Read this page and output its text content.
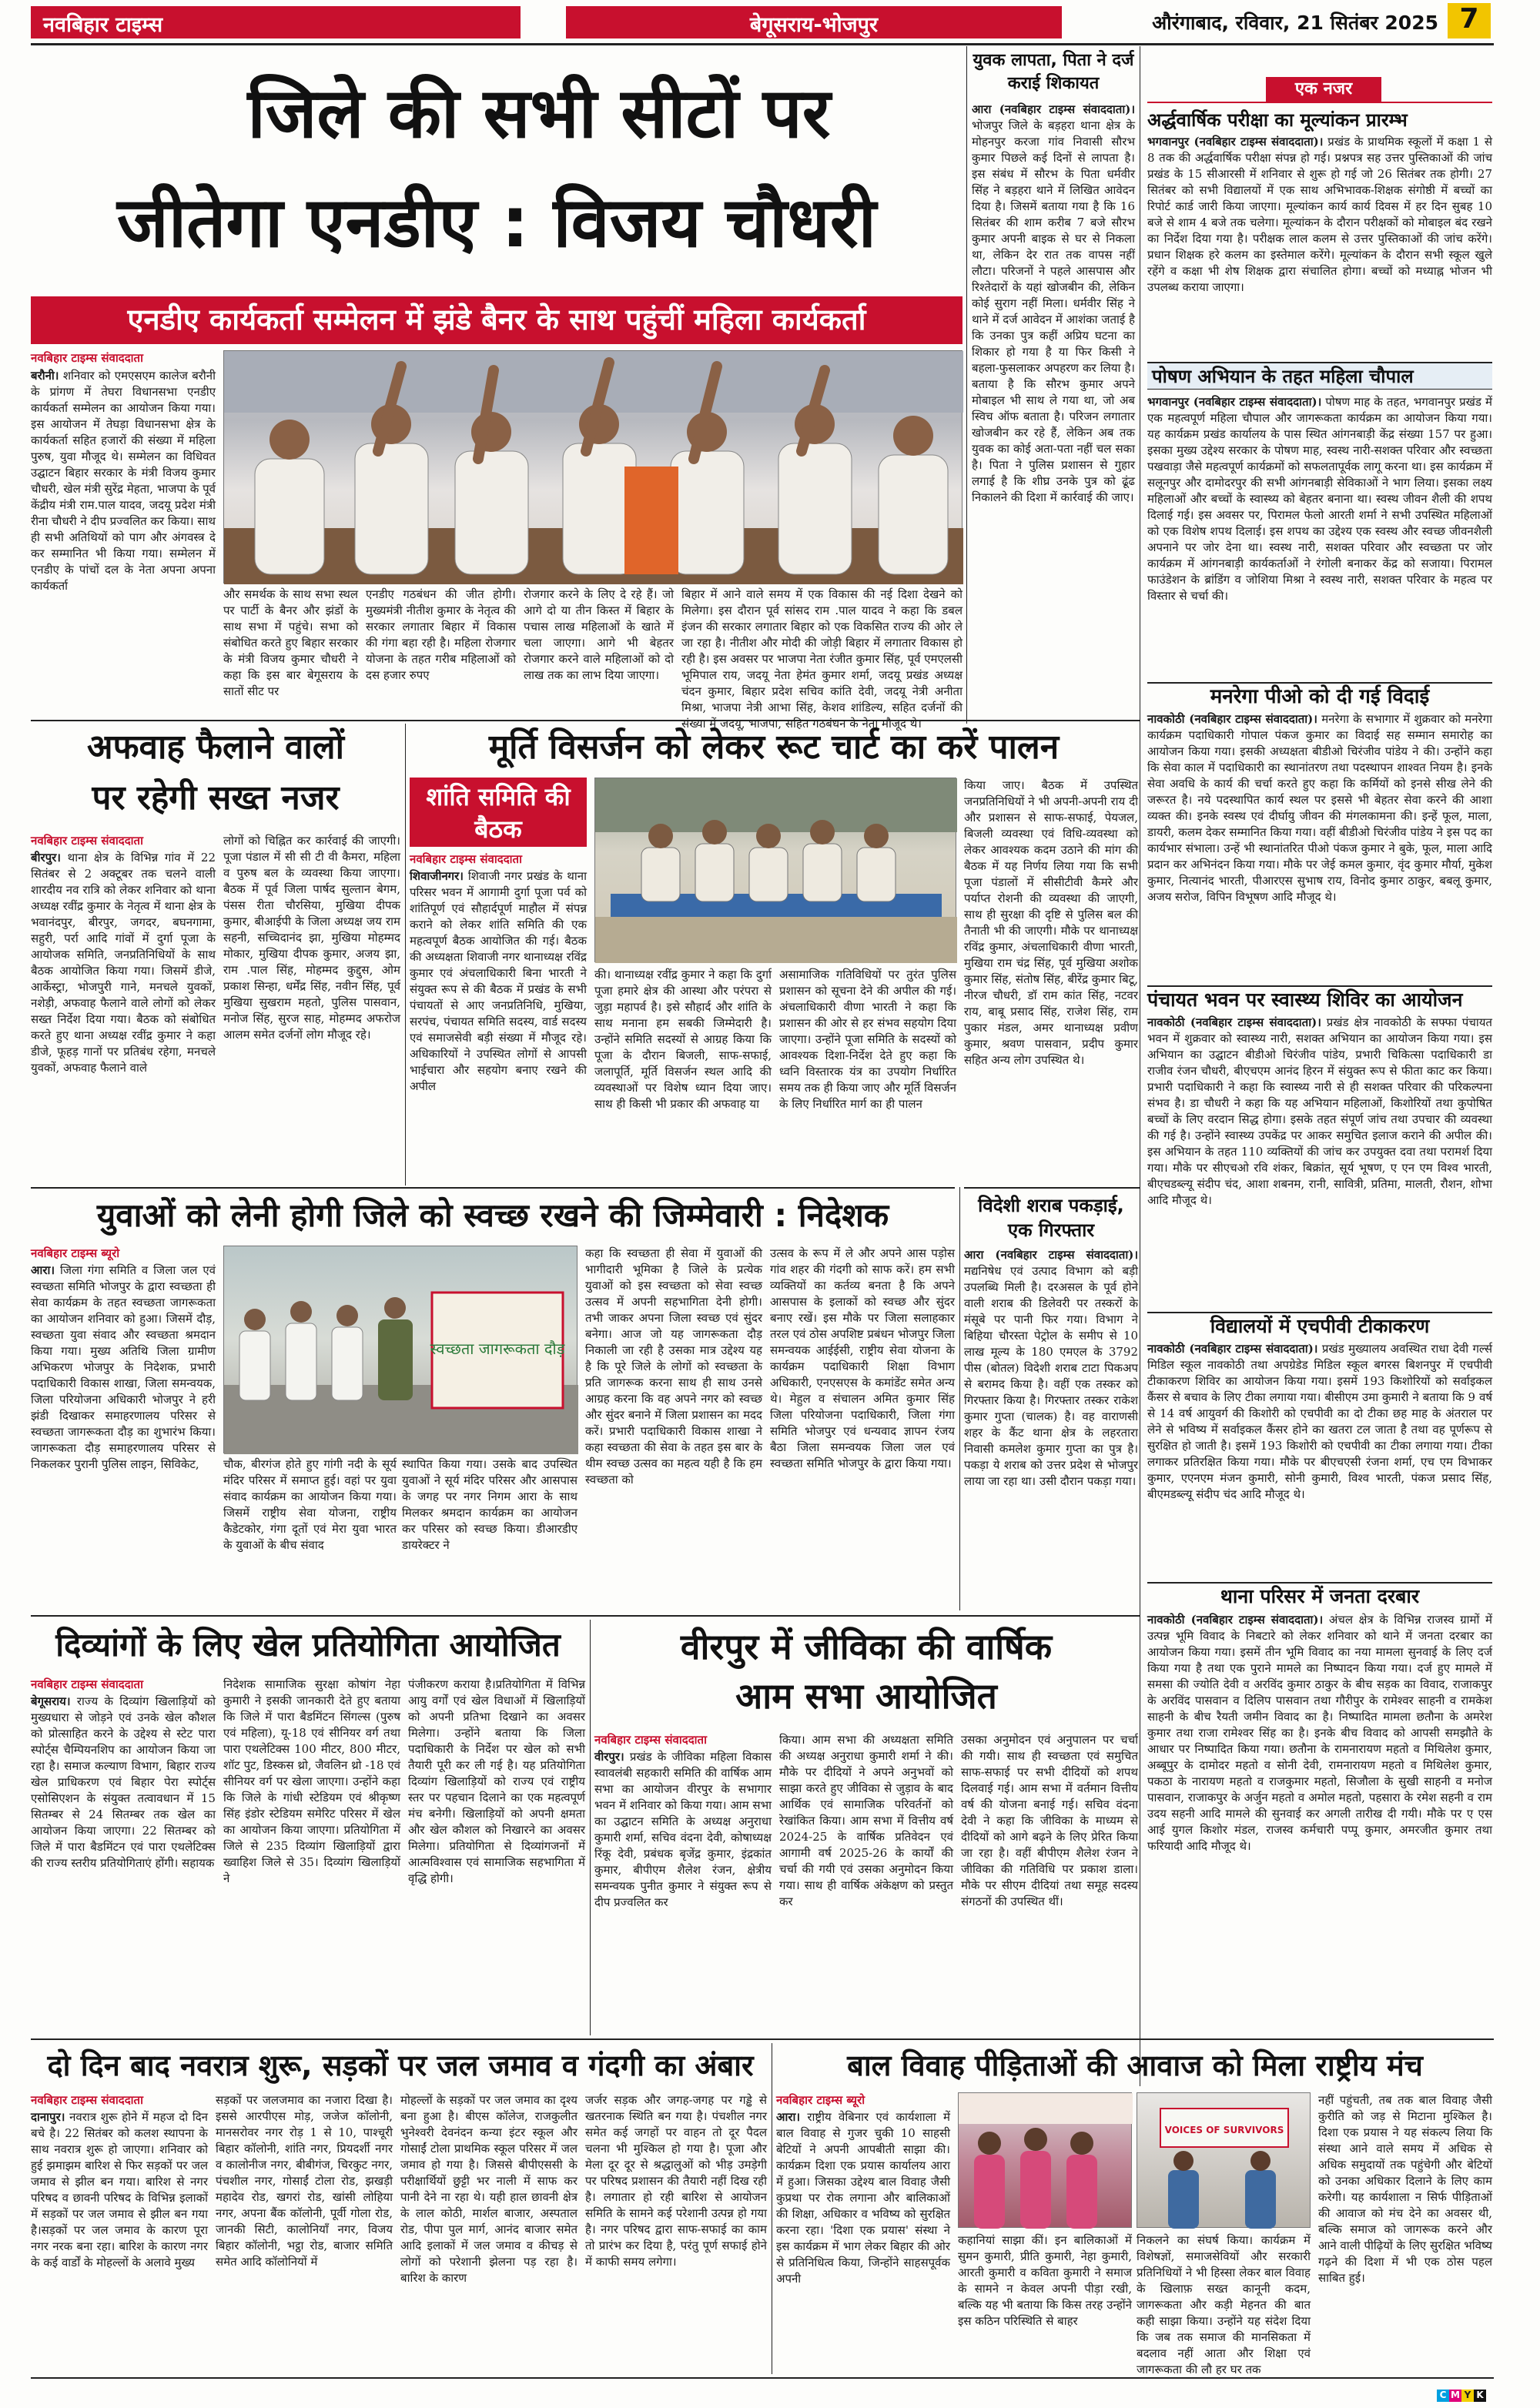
नवबिहार टाइम्स	बेगूसराय-भोजपुर	औरंगाबाद, रविवार, 21 सितंबर 2025 7
जिले की सभी सीटों पर
जीतेगा एनडीए : विजय चौधरी
एनडीए कार्यकर्ता सम्मेलन में झंडे बैनर के साथ पहुंचीं महिला कार्यकर्ता
नवबिहार टाइम्स संवाददाता
बरौनी। शनिवार को एमएसएम कालेज बरौनी के प्रांगण में तेघरा विधानसभा एनडीए कार्यकर्ता सम्मेलन का आयोजन किया गया। इस आयोजन में तेघड़ा विधानसभा क्षेत्र के कार्यकर्ता सहित हजारों की संख्या में महिला पुरुष, युवा मौजूद थे। सम्मेलन का विधिवत उद्घाटन बिहार सरकार के मंत्री विजय कुमार चौधरी, खेल मंत्री सुरेंद्र मेहता, भाजपा के पूर्व केंद्रीय मंत्री राम.पाल यादव, जदयू प्रदेश मंत्री रीना चौधरी ने दीप प्रज्वलित कर किया। साथ ही सभी अतिथियों को पाग और अंगवस्त्र दे कर सम्मानित भी किया गया। सम्मेलन में एनडीए के पांचों दल के नेता अपना अपना कार्यकर्ता
और समर्थक के साथ सभा स्थल पर पार्टी के बैनर और झंडों के साथ सभा में पहुंचे। सभा को संबोधित करते हुए बिहार सरकार के मंत्री विजय कुमार चौधरी ने कहा कि इस बार बेगूसराय के सातों सीट पर
एनडीए गठबंधन की जीत होगी। मुख्यमंत्री नीतीश कुमार के नेतृत्व की सरकार लगातार बिहार में विकास की गंगा बहा रही है। महिला रोजगार योजना के तहत गरीब महिलाओं को दस हजार रुपए
रोजगार करने के लिए दे रहे हैं। जो आगे दो या तीन किस्त में बिहार के पचास लाख महिलाओं के खाते में चला जाएगा। आगे भी बेहतर रोजगार करने वाले महिलाओं को दो लाख तक का लाभ दिया जाएगा।
युवक लापता, पिता ने दर्ज कराई शिकायत
आरा (नवबिहार टाइम्स संवाददाता)। भोजपुर जिले के बड़हरा थाना क्षेत्र के मोहनपुर करजा गांव निवासी सौरभ कुमार पिछले कई दिनों से लापता है। इस संबंध में सौरभ के पिता धर्मवीर सिंह ने बड़हरा थाने में लिखित आवेदन दिया है। जिसमें बताया गया है कि 16 सितंबर की शाम करीब 7 बजे सौरभ कुमार अपनी बाइक से घर से निकला था, लेकिन देर रात तक वापस नहीं लौटा। परिजनों ने पहले आसपास और रिश्तेदारों के यहां खोजबीन की, लेकिन कोई सुराग नहीं मिला। धर्मवीर सिंह ने थाने में दर्ज आवेदन में आशंका जताई है कि उनका पुत्र कहीं अप्रिय घटना का शिकार हो गया है या फिर किसी ने बहला-फुसलाकर अपहरण कर लिया है। बताया है कि सौरभ कुमार अपने मोबाइल भी साथ ले गया था, जो अब स्विच ऑफ बताता है। परिजन लगातार खोजबीन कर रहे हैं, लेकिन अब तक युवक का कोई अता-पता नहीं चल सका है। पिता ने पुलिस प्रशासन से गुहार लगाई है कि शीघ्र उनके पुत्र को ढूंढ निकालने की दिशा में कार्रवाई की जाए।
एक नजर
अर्द्धवार्षिक परीक्षा का मूल्यांकन प्रारम्भ
भगवानपुर (नवबिहार टाइम्स संवाददाता)। प्रखंड के प्राथमिक स्कूलों में कक्षा 1 से 8 तक की अर्द्धवार्षिक परीक्षा संपन्न हो गई। प्रश्नपत्र सह उत्तर पुस्तिकाओं की जांच प्रखंड के 15 सीआरसी में शनिवार से शुरू हो गई जो 26 सितंबर तक होगी। 27 सितंबर को सभी विद्यालयों में एक साथ अभिभावक-शिक्षक संगोष्ठी में बच्चों का रिपोर्ट कार्ड जारी किया जाएगा। मूल्यांकन कार्य कार्य दिवस में हर दिन सुबह 10 बजे से शाम 4 बजे तक चलेगा। मूल्यांकन के दौरान परीक्षकों को मोबाइल बंद रखने का निर्देश दिया गया है। परीक्षक लाल कलम से उत्तर पुस्तिकाओं की जांच करेंगे। प्रधान शिक्षक हरे कलम का इस्तेमाल करेंगे। मूल्यांकन के दौरान सभी स्कूल खुले रहेंगे व कक्षा भी शेष शिक्षक द्वारा संचालित होगा। बच्चों को मध्याह्न भोजन भी उपलब्ध कराया जाएगा।
पोषण अभियान के तहत महिला चौपाल
भगवानपुर (नवबिहार टाइम्स संवाददाता)। पोषण माह के तहत, भगवानपुर प्रखंड में एक महत्वपूर्ण महिला चौपाल और जागरूकता कार्यक्रम का आयोजन किया गया। यह कार्यक्रम प्रखंड कार्यालय के पास स्थित आंगनबाड़ी केंद्र संख्या 157 पर हुआ। इसका मुख्य उद्देश्य सरकार के पोषण माह, स्वस्थ नारी-सशक्त परिवार और स्वच्छता पखवाड़ा जैसे महत्वपूर्ण कार्यक्रमों को सफलतापूर्वक लागू करना था। इस कार्यक्रम में सलूनपुर और दामोदरपुर की सभी आंगनबाड़ी सेविकाओं ने भाग लिया। इसका लक्ष्य महिलाओं और बच्चों के स्वास्थ्य को बेहतर बनाना था। स्वस्थ जीवन शैली की शपथ दिलाई गई। इस अवसर पर, पिरामल फेलो आरती शर्मा ने सभी उपस्थित महिलाओं को एक विशेष शपथ दिलाई। इस शपथ का उद्देश्य एक स्वस्थ और स्वच्छ जीवनशैली अपनाने पर जोर देना था। स्वस्थ नारी, सशक्त परिवार और स्वच्छता पर जोर कार्यक्रम में आंगनबाड़ी कार्यकर्ताओं ने रंगोली बनाकर केंद्र को सजाया। पिरामल फाउंडेशन के ब्रांडिंग व जोशिया मिश्रा ने स्वस्थ नारी, सशक्त परिवार के महत्व पर विस्तार से चर्चा की।
मनरेगा पीओ को दी गई विदाई
नावकोठी (नवबिहार टाइम्स संवाददाता)। मनरेगा के सभागार में शुक्रवार को मनरेगा कार्यक्रम पदाधिकारी गोपाल पंकज कुमार का विदाई सह सम्मान समारोह का आयोजन किया गया। इसकी अध्यक्षता बीडीओ चिरंजीव पांडेय ने की। उन्होंने कहा कि सेवा काल में पदाधिकारी का स्थानांतरण तथा पदस्थापन शाश्वत नियम है। इनके सेवा अवधि के कार्य की चर्चा करते हुए कहा कि कर्मियों को इनसे सीख लेने की जरूरत है। नये पदस्थापित कार्य स्थल पर इससे भी बेहतर सेवा करने की आशा व्यक्त की। इनके स्वस्थ एवं दीर्घायु जीवन की मंगलकामना की। इन्हें फूल, माला, डायरी, कलम देकर सम्मानित किया गया। वहीं बीडीओ चिरंजीव पांडेय ने इस पद का कार्यभार संभाला। उन्हें भी स्थानांतरित पीओ पंकज कुमार ने बुके, फूल, माला आदि प्रदान कर अभिनंदन किया गया। मौके पर जेई कमल कुमार, वृंद कुमार मौर्या, मुकेश कुमार, नित्यानंद भारती, पीआरएस सुभाष राय, विनोद कुमार ठाकुर, बबलू कुमार, अजय सरोज, विपिन विभूषण आदि मौजूद थे।
पंचायत भवन पर स्वास्थ्य शिविर का आयोजन
नावकोठी (नवबिहार टाइम्स संवाददाता)। प्रखंड क्षेत्र नावकोठी के सफ्फा पंचायत भवन में शुक्रवार को स्वास्थ्य नारी, सशक्त अभियान का आयोजन किया गया। इस अभियान का उद्घाटन बीडीओ चिरंजीव पांडेय, प्रभारी चिकित्सा पदाधिकारी डा राजीव रंजन चौधरी, बीएचएम आनंद हिरन में संयुक्त रूप से फीता काट कर किया। प्रभारी पदाधिकारी ने कहा कि स्वास्थ्य नारी से ही सशक्त परिवार की परिकल्पना संभव है। डा चौधरी ने कहा कि यह अभियान महिलाओं, किशोरियों तथा कुपोषित बच्चों के लिए वरदान सिद्ध होगा। इसके तहत संपूर्ण जांच तथा उपचार की व्यवस्था की गई है। उन्होंने स्वास्थ्य उपकेंद्र पर आकर समुचित इलाज कराने की अपील की। इस अभियान के तहत 110 व्यक्तियों की जांच कर उपयुक्त दवा तथा परामर्श दिया गया। मौके पर सीएचओ रवि शंकर, बिक्रांत, सूर्य भूषण, ए एन एम विश्व भारती, बीएचडब्ल्यू संदीप चंद, आशा शबनम, रानी, सावित्री, प्रतिमा, मालती, रौशन, शोभा आदि मौजूद थे।
विद्यालयों में एचपीवी टीकाकरण
नावकोठी (नवबिहार टाइम्स संवाददाता)। प्रखंड मुख्यालय अवस्थित राधा देवी गर्ल्स मिडिल स्कूल नावकोठी तथा अपग्रेडेड मिडिल स्कूल बगरस बिशनपुर में एचपीवी टीकाकरण शिविर का आयोजन किया गया। इसमें 193 किशोरियों को सर्वाइकल कैंसर से बचाव के लिए टीका लगाया गया। बीसीएम उमा कुमारी ने बताया कि 9 वर्ष से 14 वर्ष आयुवर्ग की किशोरी को एचपीवी का दो टीका छह माह के अंतराल पर लेने से भविष्य में सर्वाइकल कैंसर होने का खतरा टल जाता है तथा वह पूर्णरूप से सुरक्षित हो जाती है। इसमें 193 किशोरी को एचपीवी का टीका लगाया गया। टीका लगाकर प्रतिरक्षित किया गया। मौके पर बीएचएसी रंजना शर्मा, एच एम विभाकर कुमार, एएनएम मंजन कुमारी, सोनी कुमारी, विश्व भारती, पंकज प्रसाद सिंह, बीएमडब्ल्यू संदीप चंद आदि मौजूद थे।
थाना परिसर में जनता दरबार
नावकोठी (नवबिहार टाइम्स संवाददाता)। अंचल क्षेत्र के विभिन्न राजस्व ग्रामों में उत्पन्न भूमि विवाद के निबटारे को लेकर शनिवार को थाने में जनता दरबार का आयोजन किया गया। इसमें तीन भूमि विवाद का नया मामला सुनवाई के लिए दर्ज किया गया है तथा एक पुराने मामले का निष्पादन किया गया। दर्ज हुए मामले में समसा की ज्योति देवी व अरविंद कुमार ठाकुर के बीच सड़क का विवाद, राजाकपुर के अरविंद पासवान व दिलिप पासवान तथा गौरीपुर के रामेश्वर साहनी व रामकेश साहनी के बीच रैयती जमीन विवाद का है। निष्पादित मामला छतौना के अमरेश कुमार तथा राजा रामेश्वर सिंह का है। इनके बीच विवाद को आपसी समझौते के आधार पर निष्पादित किया गया। छतौना के रामनारायण महतो व मिथिलेश कुमार, अब्बूपुर के दामोदर महतो व सोनी देवी, रामनारायण महतो व मिथिलेश कुमार, पकठा के नारायण महतो व राजकुमार महतो, सिजौला के सुखी साहनी व मनोज पासवान, राजाकपुर के अर्जुन महतो व अमोल महतो, पहसारा के रमेश सहनी व राम उदय सहनी आदि मामले की सुनवाई कर अगली तारीख दी गयी। मौके पर ए एस आई युगल किशोर मंडल, राजस्व कर्मचारी पप्पू कुमार, अमरजीत कुमार तथा फरियादी आदि मौजूद थे।
अफवाह फैलाने वालों
पर रहेगी सख्त नजर
नवबिहार टाइम्स संवाददाता
बीरपुर। थाना क्षेत्र के विभिन्न गांव में 22 सितंबर से 2 अक्टूबर तक चलने वाली शारदीय नव रात्रि को लेकर शनिवार को थाना अध्यक्ष रवींद्र कुमार के नेतृत्व में थाना क्षेत्र के भवानंदपुर, बीरपुर, जगदर, बघनगामा, सहुरी, पर्रा आदि गांवों में दुर्गा पूजा के आयोजक समिति, जनप्रतिनिधियों के साथ बैठक आयोजित किया गया। जिसमें डीजे, आर्केस्ट्रा, भोजपुरी गाने, मनचले युवकों, नशेड़ी, अफवाह फैलाने वाले लोगों को लेकर सख्त निर्देश दिया गया। बैठक को संबोधित करते हुए थाना अध्यक्ष रवींद्र कुमार ने कहा डीजे, फूहड़ गानों पर प्रतिबंध रहेगा, मनचले युवकों, अफवाह फैलाने वाले
लोगों को चिह्नित कर कार्रवाई की जाएगी। पूजा पंडाल में सी सी टी वी कैमरा, महिला व पुरुष बल के व्यवस्था किया जाएगा। बैठक में पूर्व जिला पार्षद सुल्तान बेगम, पंसस रीता चौरसिया, मुखिया दीपक कुमार, बीआईपी के जिला अध्यक्ष जय राम सहनी, सच्चिदानंद झा, मुखिया मोहम्मद मोकार, मुखिया दीपक कुमार, अजय झा, राम .पाल सिंह, मोहम्मद कुद्दुस, ओम प्रकाश सिन्हा, धर्मेंद्र सिंह, नवीन सिंह, पूर्व मुखिया सुखराम महतो, पुलिस पासवान, मनोज सिंह, सुरज साह, मोहम्मद अफरोज आलम समेत दर्जनों लोग मौजूद रहे।
मूर्ति विसर्जन को लेकर रूट चार्ट का करें पालन
शांति समिति की बैठक
नवबिहार टाइम्स संवाददाता
शिवाजीनगर। शिवाजी नगर प्रखंड के थाना परिसर भवन में आगामी दुर्गा पूजा पर्व को शांतिपूर्ण एवं सौहार्दपूर्ण माहौल में संपन्न कराने को लेकर शांति समिति की एक महत्वपूर्ण बैठक आयोजित की गई। बैठक की अध्यक्षता शिवाजी नगर थानाध्यक्ष रविंद्र कुमार एवं अंचलाधिकारी बिना भारती ने संयुक्त रूप से की बैठक में प्रखंड के सभी पंचायतों से आए जनप्रतिनिधि, मुखिया, सरपंच, पंचायत समिति सदस्य, वार्ड सदस्य एवं समाजसेवी बड़ी संख्या में मौजूद रहे। अधिकारियों ने उपस्थित लोगों से आपसी भाईचारा और सहयोग बनाए रखने की अपील
की। थानाध्यक्ष रवींद्र कुमार ने कहा कि दुर्गा पूजा हमारे क्षेत्र की आस्था और परंपरा से जुड़ा महापर्व है। इसे सौहार्द और शांति के साथ मनाना हम सबकी जिम्मेदारी है। उन्होंने समिति सदस्यों से आग्रह किया कि पूजा के दौरान बिजली, साफ-सफाई, जलापूर्ति, मूर्ति विसर्जन स्थल आदि की व्यवस्थाओं पर विशेष ध्यान दिया जाए। साथ ही किसी भी प्रकार की अफवाह या
असामाजिक गतिविधियों पर तुरंत पुलिस प्रशासन को सूचना देने की अपील की गई। अंचलाधिकारी वीणा भारती ने कहा कि प्रशासन की ओर से हर संभव सहयोग दिया जाएगा। उन्होंने पूजा समिति के सदस्यों को आवश्यक दिशा-निर्देश देते हुए कहा कि ध्वनि विस्तारक यंत्र का उपयोग निर्धारित समय तक ही किया जाए और मूर्ति विसर्जन के लिए निर्धारित मार्ग का ही पालन
किया जाए। बैठक में उपस्थित जनप्रतिनिधियों ने भी अपनी-अपनी राय दी और प्रशासन से साफ-सफाई, पेयजल, बिजली व्यवस्था एवं विधि-व्यवस्था को लेकर आवश्यक कदम उठाने की मांग की बैठक में यह निर्णय लिया गया कि सभी पूजा पंडालों में सीसीटीवी कैमरे और पर्याप्त रोशनी की व्यवस्था की जाएगी, साथ ही सुरक्षा की दृष्टि से पुलिस बल की तैनाती भी की जाएगी। मौके पर थानाध्यक्ष रविंद्र कुमार, अंचलाधिकारी वीणा भारती, मुखिया राम चंद्र सिंह, पूर्व मुखिया अशोक कुमार सिंह, संतोष सिंह, बीरेंद्र कुमार बिटू, नीरज चौधरी, डॉ राम कांत सिंह, नटवर राय, बाबू प्रसाद सिंह, राजेश सिंह, राम पुकार मंडल, अमर थानाध्यक्ष प्रवीण कुमार, श्रवण पासवान, प्रदीप कुमार सहित अन्य लोग उपस्थित थे।
युवाओं को लेनी होगी जिले को स्वच्छ रखने की जिम्मेवारी : निदेशक
नवबिहार टाइम्स ब्यूरो
आरा। जिला गंगा समिति व जिला जल एवं स्वच्छता समिति भोजपुर के द्वारा स्वच्छता ही सेवा कार्यक्रम के तहत स्वच्छता जागरूकता का आयोजन शनिवार को हुआ। जिसमें दौड़, स्वच्छता युवा संवाद और स्वच्छता श्रमदान किया गया। मुख्य अतिथि जिला ग्रामीण अभिकरण भोजपुर के निदेशक, प्रभारी पदाधिकारी विकास शाखा, जिला समन्वयक, जिला परियोजना अधिकारी भोजपुर ने हरी झंडी दिखाकर समाहरणालय परिसर से स्वच्छता जागरूकता दौड़ का शुभारंभ किया। जागरूकता दौड़ समाहरणालय परिसर से निकलकर पुरानी पुलिस लाइन, सिविकेट,
स्वच्छता जागरूकता दौड़
चौक, बीरगंज होते हुए गांगी नदी के सूर्य मंदिर परिसर में समाप्त हुई। वहां पर युवा संवाद कार्यक्रम का आयोजन किया गया। जिसमें राष्ट्रीय सेवा योजना, राष्ट्रीय कैडेटकोर, गंगा दूतों एवं मेरा युवा भारत के युवाओं के बीच संवाद
स्थापित किया गया। उसके बाद उपस्थित युवाओं ने सूर्य मंदिर परिसर और आसपास के जगह पर नगर निगम आरा के साथ मिलकर श्रमदान कार्यक्रम का आयोजन कर परिसर को स्वच्छ किया। डीआरडीए डायरेक्टर ने
कहा कि स्वच्छता ही सेवा में युवाओं की भागीदारी भूमिका है जिले के प्रत्येक युवाओं को इस स्वच्छता को सेवा स्वच्छ उत्सव में अपनी सहभागिता देनी होगी। तभी जाकर अपना जिला स्वच्छ एवं सुंदर बनेगा। आज जो यह जागरूकता दौड़ निकाली जा रही है उसका मात्र उद्देश्य यह है कि पूरे जिले के लोगों को स्वच्छता के प्रति जागरूक करना साथ ही साथ उनसे आग्रह करना कि वह अपने नगर को स्वच्छ और सुंदर बनाने में जिला प्रशासन का मदद करें। प्रभारी पदाधिकारी विकास शाखा ने कहा स्वच्छता की सेवा के तहत इस बार के थीम स्वच्छ उत्सव का महत्व यही है कि हम स्वच्छता को
उत्सव के रूप में ले और अपने आस पड़ोस गांव शहर की गंदगी को साफ करें। हम सभी व्यक्तियों का कर्तव्य बनता है कि अपने आसपास के इलाकों को स्वच्छ और सुंदर बनाए रखें। इस मौके पर जिला सलाहकार तरल एवं ठोस अपशिष्ट प्रबंधन भोजपुर जिला समन्वयक आईईसी, राष्ट्रीय सेवा योजना के कार्यक्रम पदाधिकारी शिक्षा विभाग अधिकारी, एनएसएस के कमांडेंट समेत अन्य थे। मेहुल व संचालन अमित कुमार सिंह जिला परियोजना पदाधिकारी, जिला गंगा समिति भोजपुर एवं धन्यवाद ज्ञापन रंजय बैठा जिला समन्वयक जिला जल एवं स्वच्छता समिति भोजपुर के द्वारा किया गया।
विदेशी शराब पकड़ाई, एक गिरफ्तार
आरा (नवबिहार टाइम्स संवाददाता)। मद्यनिषेध एवं उत्पाद विभाग को बड़ी उपलब्धि मिली है। दरअसल के पूर्व होने वाली शराब की डिलेवरी पर तस्करों के मंसूबे पर पानी फिर गया। विभाग ने बिहिया चौरस्ता पेट्रोल के समीप से 10 लाख मूल्य के 180 एमएल के 3792 पीस (बोतल) विदेशी शराब टाटा पिकअप से बरामद किया है। वहीं एक तस्कर को गिरफ्तार किया है। गिरफ्तार तस्कर राकेश कुमार गुप्ता (चालक) है। वह वाराणसी शहर के कैंट थाना क्षेत्र के लहरतारा निवासी कमलेश कुमार गुप्ता का पुत्र है। पकड़ा ये शराब को उत्तर प्रदेश से भोजपुर लाया जा रहा था। उसी दौरान पकड़ा गया।
दिव्यांगों के लिए खेल प्रतियोगिता आयोजित
नवबिहार टाइम्स संवाददाता
बेगूसराय। राज्य के दिव्यांग खिलाड़ियों को मुख्यधारा से जोड़ने एवं उनके खेल कौशल को प्रोत्साहित करने के उद्देश्य से स्टेट पारा स्पोर्ट्स चैम्पियनशिप का आयोजन किया जा रहा है। समाज कल्याण विभाग, बिहार राज्य खेल प्राधिकरण एवं बिहार पेरा स्पोर्ट्स एसोसिएशन के संयुक्त तत्वावधान में 15 सितम्बर से 24 सितम्बर तक खेल का आयोजन किया जाएगा। 22 सितम्बर को जिले में पारा बैडमिंटन एवं पारा एथलेटिक्स की राज्य स्तरीय प्रतियोगिताएं होंगी। सहायक
निदेशक सामाजिक सुरक्षा कोषांग नेहा कुमारी ने इसकी जानकारी देते हुए बताया कि जिले में पारा बैडमिंटन सिंगल्स (पुरुष एवं महिला), यू-18 एवं सीनियर वर्ग तथा पारा एथलेटिक्स 100 मीटर, 800 मीटर, शॉट पुट, डिस्कस थ्रो, जैवलिन थ्रो -18 एवं सीनियर वर्ग पर खेला जाएगा। उन्होंने कहा कि जिले के गांधी स्टेडियम एवं श्रीकृष्ण सिंह इंडोर स्टेडियम समेरिट परिसर में खेल का आयोजन किया जाएगा। प्रतियोगिता में जिले से 235 दिव्यांग खिलाड़ियों द्वारा ख्वाहिश जिले से 35। दिव्यांग खिलाड़ियों ने
पंजीकरण कराया है।प्रतियोगिता में विभिन्न आयु वर्गों एवं खेल विधाओं में खिलाड़ियों को अपनी प्रतिभा दिखाने का अवसर मिलेगा। उन्होंने बताया कि जिला पदाधिकारी के निर्देश पर खेल को सभी तैयारी पूरी कर ली गई है। यह प्रतियोगिता दिव्यांग खिलाड़ियों को राज्य एवं राष्ट्रीय स्तर पर पहचान दिलाने का एक महत्वपूर्ण मंच बनेगी। खिलाड़ियों को अपनी क्षमता और खेल कौशल को निखारने का अवसर मिलेगा। प्रतियोगिता से दिव्यांगजनों में आत्मविश्वास एवं सामाजिक सहभागिता में वृद्धि होगी।
वीरपुर में जीविका की वार्षिक
आम सभा आयोजित
नवबिहार टाइम्स संवाददाता
वीरपुर। प्रखंड के जीविका महिला विकास स्वावलंबी सहकारी समिति की वार्षिक आम सभा का आयोजन वीरपुर के सभागार भवन में शनिवार को किया गया। आम सभा का उद्घाटन समिति के अध्यक्ष अनुराधा कुमारी शर्मा, सचिव वंदना देवी, कोषाध्यक्ष रिंकू देवी, प्रबंधक बृजेंद्र कुमार, इंद्रकांत कुमार, बीपीएम शैलेश रंजन, क्षेत्रीय समन्वयक पुनीत कुमार ने संयुक्त रूप से दीप प्रज्वलित कर
किया। आम सभा की अध्यक्षता समिति की अध्यक्ष अनुराधा कुमारी शर्मा ने की। मौके पर दीदियों ने अपने अनुभवों को साझा करते हुए जीविका से जुड़ाव के बाद आर्थिक एवं सामाजिक परिवर्तनों को रेखांकित किया। आम सभा में वित्तीय वर्ष 2024-25 के वार्षिक प्रतिवेदन एवं आगामी वर्ष 2025-26 के कार्यों की चर्चा की गयी एवं उसका अनुमोदन किया गया। साथ ही वार्षिक अंकेक्षण को प्रस्तुत कर
उसका अनुमोदन एवं अनुपालन पर चर्चा की गयी। साथ ही स्वच्छता एवं समुचित साफ-सफाई पर सभी दीदियों को शपथ दिलवाई गई। आम सभा में वर्तमान वित्तीय वर्ष की योजना बनाई गई। सचिव वंदना देवी ने कहा कि जीविका के माध्यम से दीदियों को आगे बढ़ने के लिए प्रेरित किया जा रहा है। वहीं बीपीएम शैलेश रंजन ने जीविका की गतिविधि पर प्रकाश डाला। मौके पर सीएम दीदियां तथा समूह सदस्य संगठनों की उपस्थित थीं।
दो दिन बाद नवरात्र शुरू, सड़कों पर जल जमाव व गंदगी का अंबार
नवबिहार टाइम्स संवाददाता
दानापुर। नवरात्र शुरू होने में महज दो दिन बचे है। 22 सितंबर को कलश स्थापना के साथ नवरात्र शुरू हो जाएगा। शनिवार को हुई झमाझम बारिश से फिर सड़कों पर जल जमाव से झील बन गया। बारिश से नगर परिषद व छावनी परिषद के विभिन्न इलाकों में सड़कों पर जल जमाव से झील बन गया है।सड़कों पर जल जमाव के कारण पूरा नगर नरक बना रहा। बारिश के कारण नगर के कई वार्डों के मोहल्लों के अलावे मुख्य
सड़कों पर जलजमाव का नजारा दिखा है। इससे आरपीएस मोड़, जजेज कॉलोनी, मानसरोवर नगर रोड़ 1 से 10, पाश्चूरी बिहार कॉलोनी, शांति नगर, प्रियदर्शी नगर व कालोनीज नगर, बीबीगंज, चिरकुट नगर, पंचशील नगर, गोसाईं टोला रोड, झखड़ी महादेव रोड, खगरां रोड, खांसी लोहिया नगर, अपना बैंक कॉलोनी, पूर्वी गोला रोड, जानकी सिटी, कालोनियाँ नगर, विजय बिहार कॉलोनी, भट्ठा रोड, बाजार समिति समेत आदि कॉलोनियों में
मोहल्लों के सड़कों पर जल जमाव का दृश्य बना हुआ है। बीएस कॉलेज, राजकुलीत भुनेश्वरी देवनंदन कन्या इंटर स्कूल और गोसाईं टोला प्राथमिक स्कूल परिसर में जल जमाव हो गया है। जिससे बीपीएससी के परीक्षार्थियों छुट्टी भर नाली में साफ कर पानी देने ना रहा थे। यही हाल छावनी क्षेत्र के लाल कोठी, मार्शल बाजार, अस्पताल रोड, पीपा पुल मार्ग, आनंद बाजार समेत आदि इलाकों में जल जमाव व कीचड़ से लोगों को परेशानी झेलना पड़ रहा है। बारिश के कारण
जर्जर सड़क और जगह-जगह पर गड्ढे से खतरनाक स्थिति बन गया है। पंचशील नगर समेत कई जगहों पर वाहन तो दूर पैदल चलना भी मुश्किल हो गया है। पूजा और मेला दूर दूर से श्रद्धालुओं को भीड़ उमड़ेगी पर परिषद प्रशासन की तैयारी नहीं दिख रही है। लगातार हो रही बारिश से आयोजन समिति के सामने कई परेशानी उत्पन्न हो गया है। नगर परिषद द्वारा साफ-सफाई का काम तो प्रारंभ कर दिया है, परंतु पूर्ण सफाई होने में काफी समय लगेगा।
बाल विवाह पीड़िताओं की आवाज को मिला राष्ट्रीय मंच
नवबिहार टाइम्स ब्यूरो
आरा। राष्ट्रीय वेबिनार एवं कार्यशाला में बाल विवाह से गुजर चुकी 10 साहसी बेटियों ने अपनी आपबीती साझा की। कार्यक्रम दिशा एक प्रयास कार्यालय आरा में हुआ। जिसका उद्देश्य बाल विवाह जैसी कुप्रथा पर रोक लगाना और बालिकाओं की शिक्षा, अधिकार व भविष्य को सुरक्षित करना रहा। 'दिशा एक प्रयास' संस्था ने इस कार्यक्रम में भाग लेकर बिहार की ओर से प्रतिनिधित्व किया, जिन्होंने साहसपूर्वक अपनी
VOICES OF SURVIVORS
कहानियां साझा कीं। इन बालिकाओं में सुमन कुमारी, प्रीति कुमारी, नेहा कुमारी, आरती कुमारी व कविता कुमारी ने समाज के सामने न केवल अपनी पीड़ा रखी, बल्कि यह भी बताया कि किस तरह उन्होंने इस कठिन परिस्थिति से बाहर
निकलने का संघर्ष किया। कार्यक्रम में विशेषज्ञों, समाजसेवियों और सरकारी प्रतिनिधियों ने भी हिस्सा लेकर बाल विवाह के खिलाफ़ सख्त कानूनी कदम, जागरूकता और कड़ी मेहनत की बात कही साझा किया। उन्होंने यह संदेश दिया कि जब तक समाज की मानसिकता में बदलाव नहीं आता और शिक्षा एवं जागरूकता की लौ हर घर तक
नहीं पहुंचती, तब तक बाल विवाह जैसी कुरीति को जड़ से मिटाना मुश्किल है। दिशा एक प्रयास ने यह संकल्प लिया कि संस्था आने वाले समय में अधिक से अधिक समुदायों तक पहुंचेगी और बेटियों को उनका अधिकार दिलाने के लिए काम करेगी। यह कार्यशाला न सिर्फ पीड़िताओं की आवाज को मंच देने का अवसर थी, बल्कि समाज को जागरूक करने और आने वाली पीढ़ियों के लिए सुरक्षित भविष्य गढ़ने की दिशा में भी एक ठोस पहल साबित हुई।
C M Y K
बिहार में आने वाले समय में एक विकास की नई दिशा देखने को मिलेगा। इस दौरान पूर्व सांसद राम .पाल यादव ने कहा कि डबल इंजन की सरकार लगातार बिहार को एक विकसित राज्य की ओर ले जा रहा है। नीतीश और मोदी की जोड़ी बिहार में लगातार विकास हो रही है। इस अवसर पर भाजपा नेता रंजीत कुमार सिंह, पूर्व एमएलसी भूमिपाल राय, जदयू नेता हेमंत कुमार शर्मा, जदयू प्रखंड अध्यक्ष चंदन कुमार, बिहार प्रदेश सचिव कांति देवी, जदयू नेत्री अनीता मिश्रा, भाजपा नेत्री आभा सिंह, केशव शांडिल्य, सहित दर्जनों की संख्या में जदयू, भाजपा, सहित गठबंधन के नेता मौजूद थे।
